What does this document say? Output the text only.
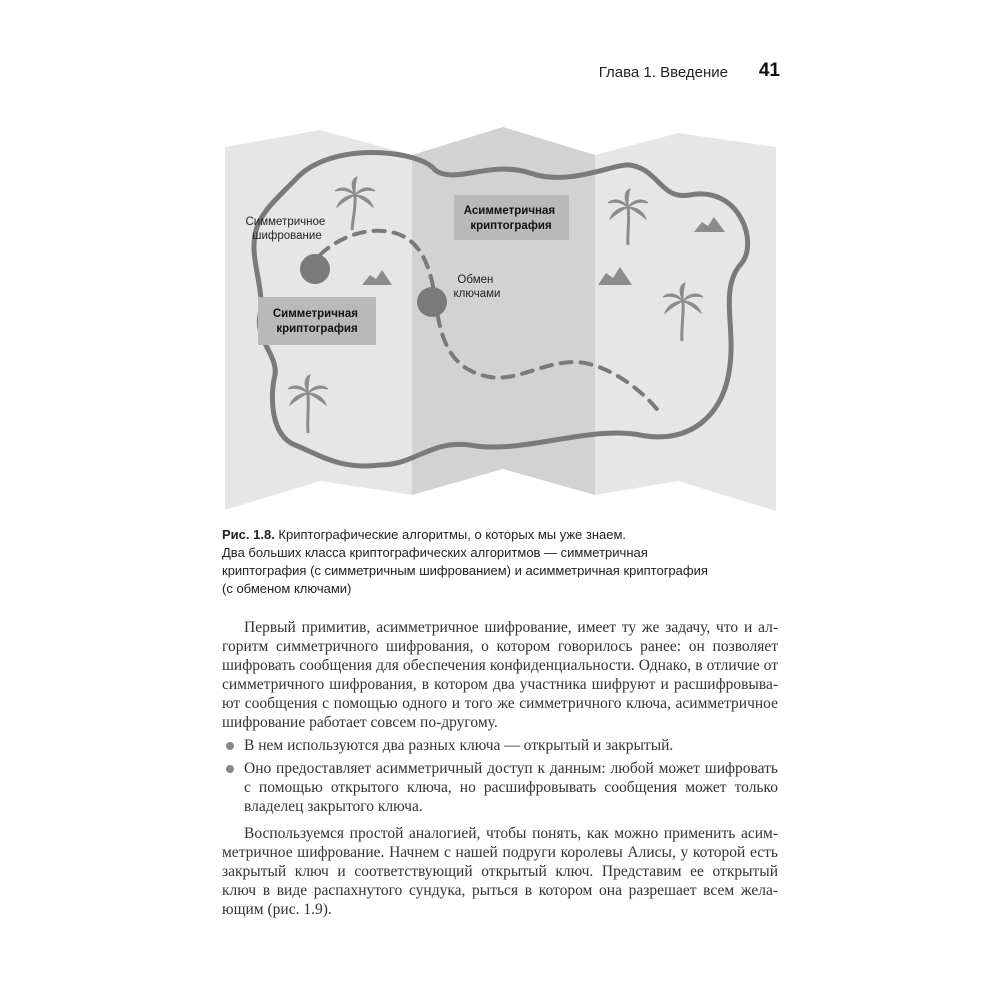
Глава 1. Введение 41
Симметричное шифрование
Обмен ключами
Симметричная криптография
Асимметричная криптография
Рис. 1.8. Криптографические алгоритмы, о которых мы уже знаем.
Два больших класса криптографических алгоритмов — симметричная
криптография (с симметричным шифрованием) и асимметричная криптография
(с обменом ключами)
Первый примитив, асимметричное шифрование, имеет ту же задачу, что и ал-
горитм симметричного шифрования, о котором говорилось ранее: он позволяет
шифровать сообщения для обеспечения конфиденциальности. Однако, в отличие от
симметричного шифрования, в котором два участника шифруют и расшифровыва-
ют сообщения с помощью одного и того же симметричного ключа, асимметричное
шифрование работает совсем по-другому.
В нем используются два разных ключа — открытый и закрытый.
Оно предоставляет асимметричный доступ к данным: любой может шифровать
с помощью открытого ключа, но расшифровывать сообщения может только
владелец закрытого ключа.
Воспользуемся простой аналогией, чтобы понять, как можно применить асим-
метричное шифрование. Начнем с нашей подруги королевы Алисы, у которой есть
закрытый ключ и соответствующий открытый ключ. Представим ее открытый
ключ в виде распахнутого сундука, рыться в котором она разрешает всем жела-
ющим (рис. 1.9).
